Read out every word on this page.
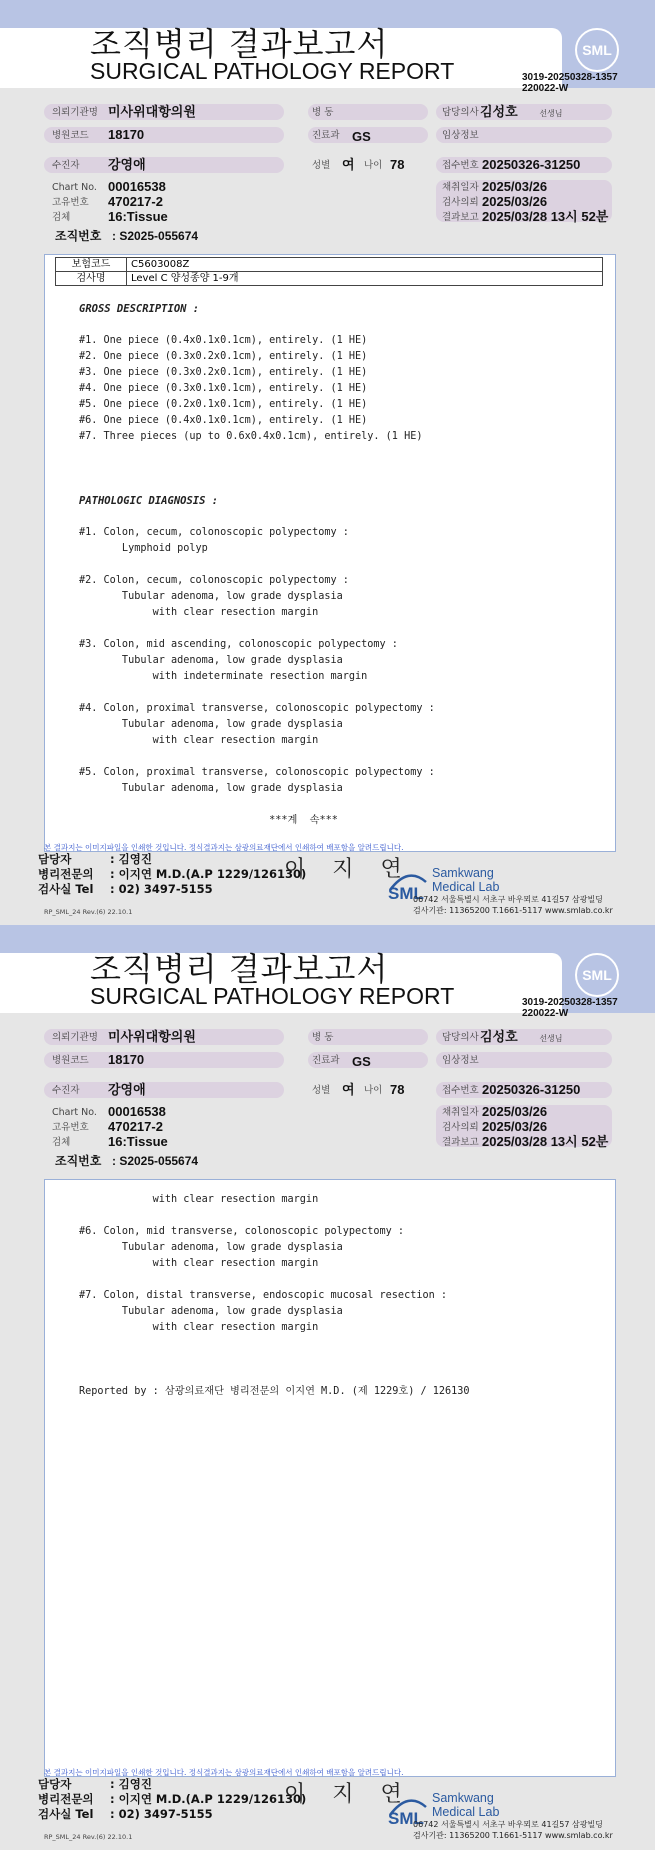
조직병리 결과보고서
SURGICAL PATHOLOGY REPORT
SML
3019-20250328-1357
220022-W
의뢰기관명 미사위대항의원	병 동	담당의사 김성호	선생님
병원코드 18170	진료과 GS	임상정보
수진자 강영애	성별 여 나이 78	접수번호 20250326-31250
Chart No. 00016538	채취일자 2025/03/26
고유번호 470217-2	검사의뢰 2025/03/26
검체	16:Tissue	결과보고 2025/03/28 13시 52분
조직번호 : S2025-055674
보험코드	C5603008Z
검사명	Level C 양성종양 1-9개
GROSS DESCRIPTION :
#1. One piece (0.4x0.1x0.1cm), entirely. (1 HE)
#2. One piece (0.3x0.2x0.1cm), entirely. (1 HE)
#3. One piece (0.3x0.2x0.1cm), entirely. (1 HE)
#4. One piece (0.3x0.1x0.1cm), entirely. (1 HE)
#5. One piece (0.2x0.1x0.1cm), entirely. (1 HE)
#6. One piece (0.4x0.1x0.1cm), entirely. (1 HE)
#7. Three pieces (up to 0.6x0.4x0.1cm), entirely. (1 HE)
PATHOLOGIC DIAGNOSIS :
#1. Colon, cecum, colonoscopic polypectomy :
Lymphoid polyp
#2. Colon, cecum, colonoscopic polypectomy :
Tubular adenoma, low grade dysplasia
with clear resection margin
#3. Colon, mid ascending, colonoscopic polypectomy :
Tubular adenoma, low grade dysplasia
with indeterminate resection margin
#4. Colon, proximal transverse, colonoscopic polypectomy :
Tubular adenoma, low grade dysplasia
with clear resection margin
#5. Colon, proximal transverse, colonoscopic polypectomy :
Tubular adenoma, low grade dysplasia
***계  속***
본 결과지는 이미지파일을 인쇄한 것입니다. 정식결과지는 삼광의료재단에서 인쇄하여 배포함을 알려드립니다.
담당자	: 김영진
병리전문의 : 이지연 M.D.(A.P 1229/126130)
검사실 Tel : 02) 3497-5155
이 지 연
SML
Samkwang
Medical Lab
06742 서울특별시 서초구 바우뫼로 41길57 삼광빌딩
검사기관: 11365200 T.1661-5117 www.smlab.co.kr
RP_SML_24 Rev.(6) 22.10.1
조직병리 결과보고서
SURGICAL PATHOLOGY REPORT
SML
3019-20250328-1357
220022-W
의뢰기관명 미사위대항의원	병 동	담당의사 김성호	선생님
병원코드 18170	진료과 GS	임상정보
수진자 강영애	성별 여 나이 78	접수번호 20250326-31250
Chart No. 00016538	채취일자 2025/03/26
고유번호 470217-2	검사의뢰 2025/03/26
검체	16:Tissue	결과보고 2025/03/28 13시 52분
조직번호 : S2025-055674
with clear resection margin
#6. Colon, mid transverse, colonoscopic polypectomy :
Tubular adenoma, low grade dysplasia
with clear resection margin
#7. Colon, distal transverse, endoscopic mucosal resection :
Tubular adenoma, low grade dysplasia
with clear resection margin
Reported by : 삼광의료재단 병리전문의 이지연 M.D. (제 1229호) / 126130
본 결과지는 이미지파일을 인쇄한 것입니다. 정식결과지는 삼광의료재단에서 인쇄하여 배포함을 알려드립니다.
담당자	: 김영진
병리전문의 : 이지연 M.D.(A.P 1229/126130)
검사실 Tel : 02) 3497-5155
이 지 연
SML
Samkwang
Medical Lab
06742 서울특별시 서초구 바우뫼로 41길57 삼광빌딩
검사기관: 11365200 T.1661-5117 www.smlab.co.kr
RP_SML_24 Rev.(6) 22.10.1
